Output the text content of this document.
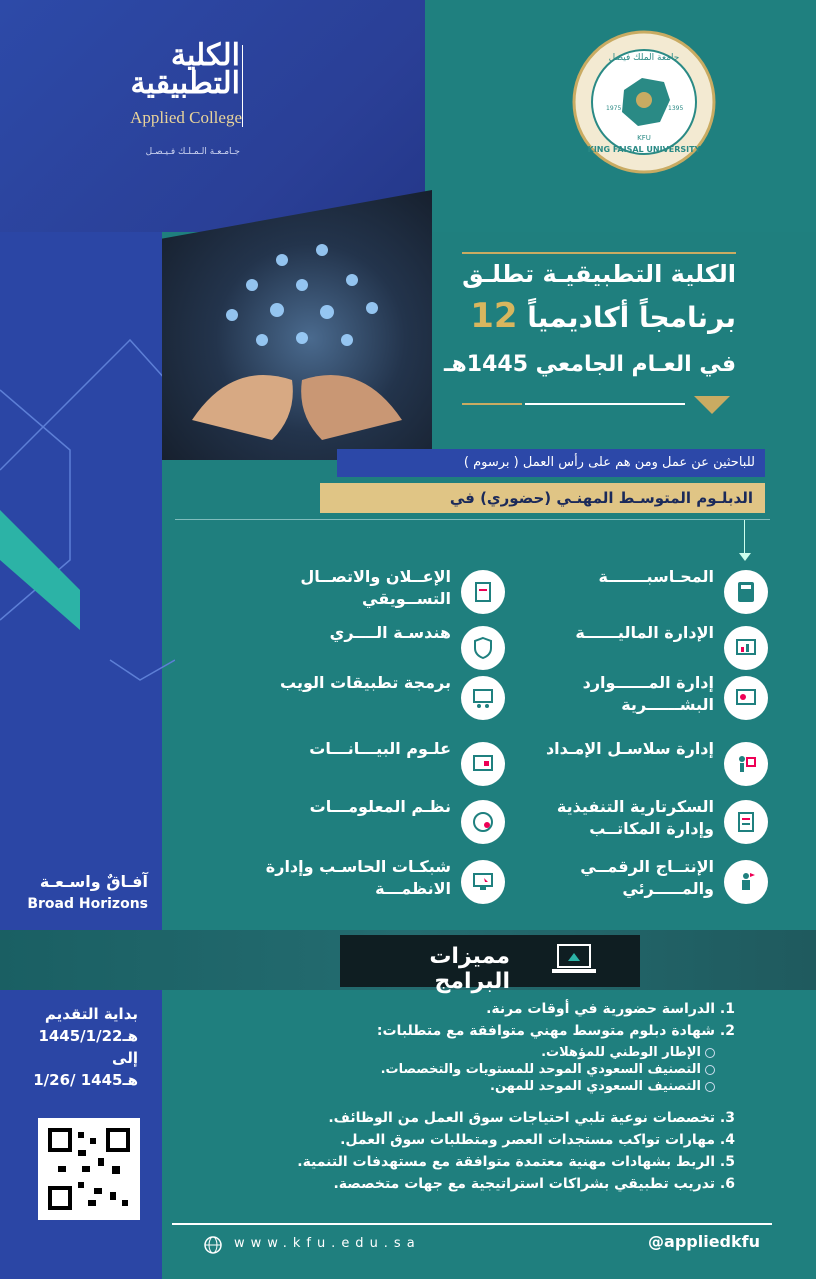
الكلية
التطبيقية
Applied College
جـامـعـة الـمـلـك فـيـصـل
جامعة الملك فيصل
KING FAISAL UNIVERSITY
KFU
1975	1395
الكلية التطبيقيـة تطلـق
برنامجاً أكاديمياً 12
في العـام الجامعي 1445هـ
للباحثين عن عمل ومن هم على رأس العمل ( برسوم )
الدبلـوم المتوسـط المهنـي (حضوري) في
المحـاسبـــــــة
الإدارة الماليــــــة
إدارة المــــــوارد البشــــــرية
إدارة سلاسـل الإمـداد
السكرتارية التنفيذية وإدارة المكاتــب
الإنتــاج الرقمــي والمـــــرئي
الإعــلان والاتصــال التســويقي
هندسـة الــــري
برمجة تطبيقات الويب
علـوم البيـــانـــات
نظـم المعلومـــات
شبكـات الحاسـب وإدارة الانظمـــة
آفـاقٌ واسـعـة
Broad Horizons
مميزات البرامج
بداية التقديم
1445/1/22هـ
إلى
1/26/ 1445هـ
1. الدراسة حضورية في أوقات مرنة.
2. شهادة دبلوم متوسط مهني متوافقة مع متطلبات:
الإطار الوطني للمؤهلات.
التصنيف السعودي الموحد للمستويات والتخصصات.
التصنيف السعودي الموحد للمهن.
3. تخصصات نوعية تلبي احتياجات سوق العمل من الوظائف.
4. مهارات تواكب مستجدات العصر ومتطلبات سوق العمل.
5. الربط بشهادات مهنية معتمدة متوافقة مع مستهدفات التنمية.
6. تدريب تطبيقي بشراكات استراتيجية مع جهات متخصصة.
www.kfu.edu.sa	@appliedkfu
